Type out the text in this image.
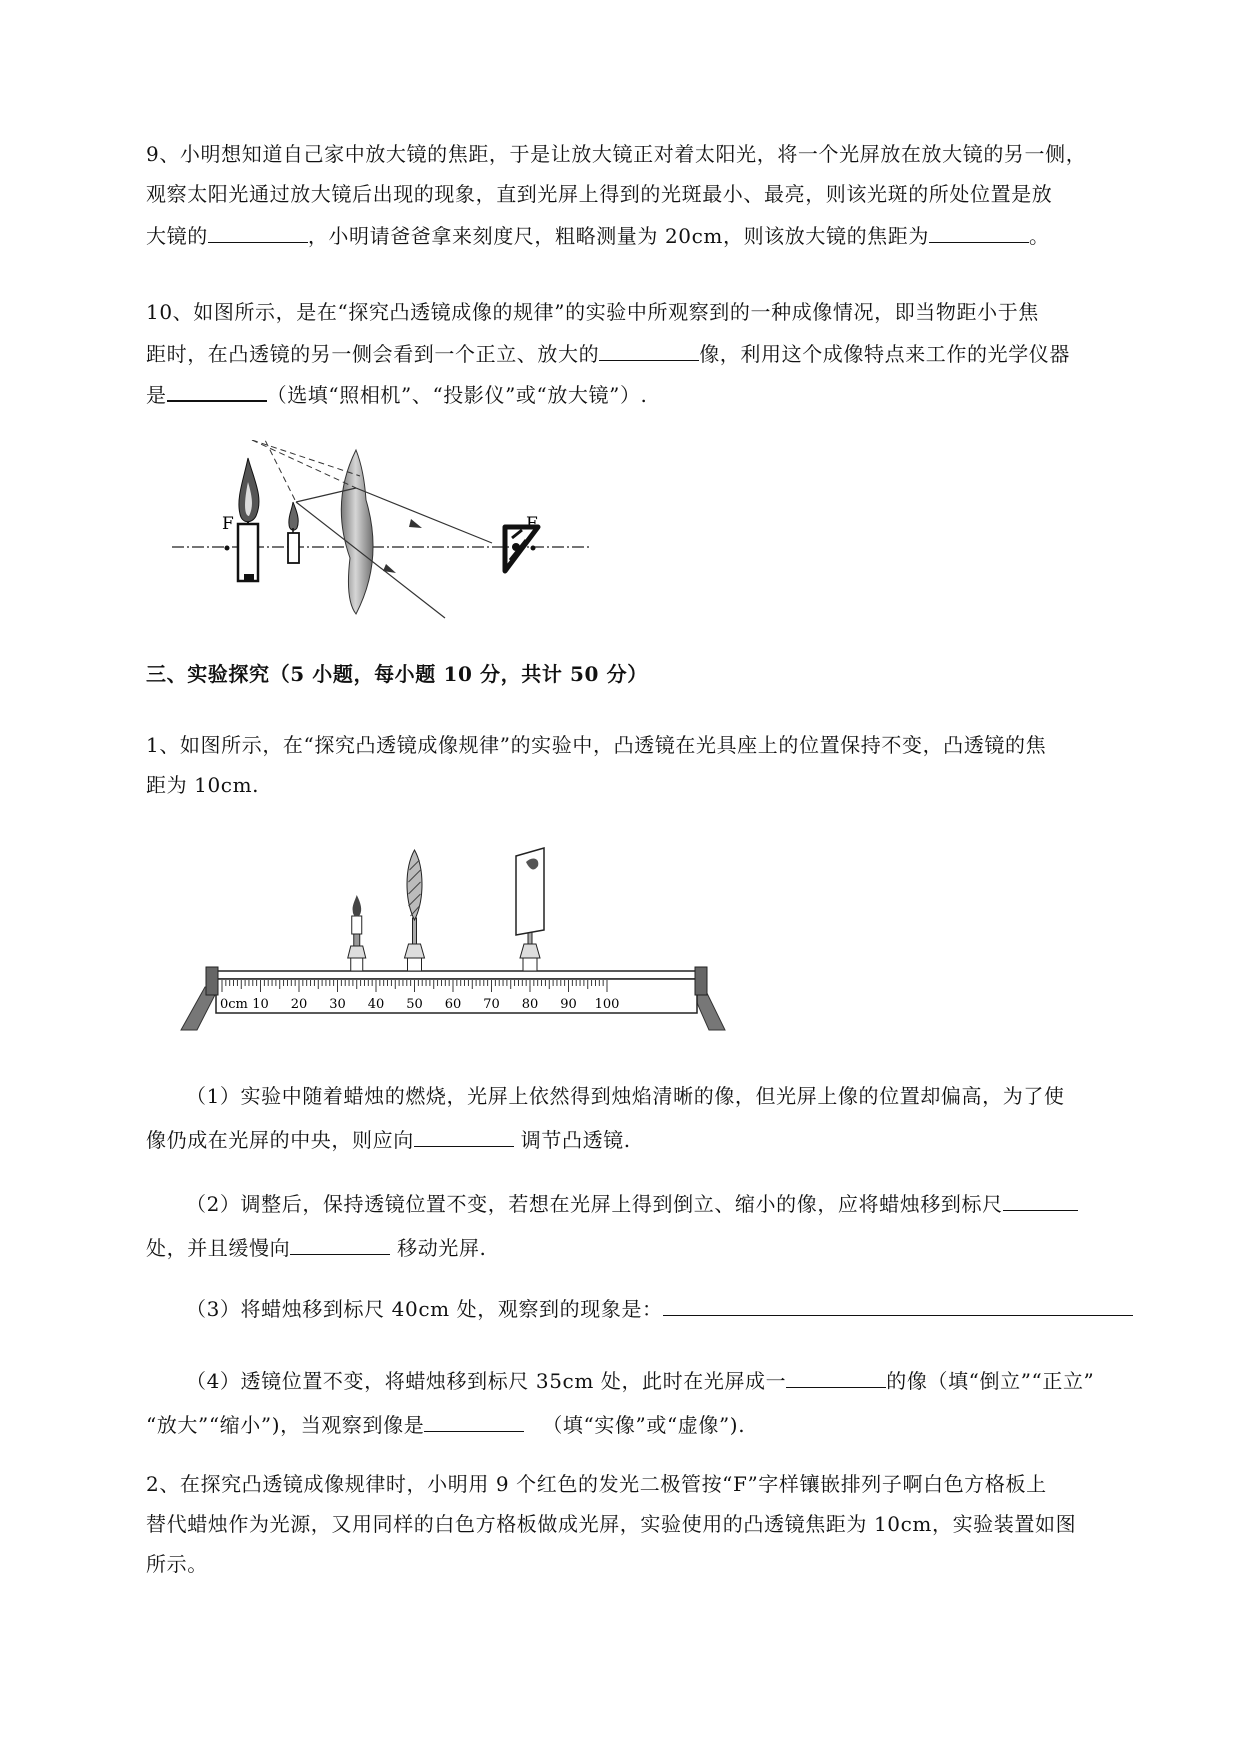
9、小明想知道自己家中放大镜的焦距，于是让放大镜正对着太阳光，将一个光屏放在放大镜的另一侧，
观察太阳光通过放大镜后出现的现象，直到光屏上得到的光斑最小、最亮，则该光斑的所处位置是放
大镜的	，小明请爸爸拿来刻度尺，粗略测量为 20cm，则该放大镜的焦距为	。
10、如图所示，是在“探究凸透镜成像的规律”的实验中所观察到的一种成像情况，即当物距小于焦
距时，在凸透镜的另一侧会看到一个正立、放大的	像，利用这个成像特点来工作的光学仪器
是	（选填“照相机”、“投影仪”或“放大镜”）.
F	F
三、实验探究（5 小题，每小题 10 分，共计 50 分）
1、如图所示，在“探究凸透镜成像规律”的实验中，凸透镜在光具座上的位置保持不变，凸透镜的焦
距为 10cm.
0cm 10 20 30 40 50 60 70 80 90 100
（1）实验中随着蜡烛的燃烧，光屏上依然得到烛焰清晰的像，但光屏上像的位置却偏高，为了使
像仍成在光屏的中央，则应向	调节凸透镜.
（2）调整后，保持透镜位置不变，若想在光屏上得到倒立、缩小的像，应将蜡烛移到标尺
处，并且缓慢向	移动光屏.
（3）将蜡烛移到标尺 40cm 处，观察到的现象是：
（4）透镜位置不变，将蜡烛移到标尺 35cm 处，此时在光屏成一	的像（填“倒立”“正立”
“放大”“缩小”)，当观察到像是	（填“实像”或“虚像”).
2、在探究凸透镜成像规律时，小明用 9 个红色的发光二极管按“F”字样镶嵌排列子啊白色方格板上
替代蜡烛作为光源，又用同样的白色方格板做成光屏，实验使用的凸透镜焦距为 10cm，实验装置如图
所示。
